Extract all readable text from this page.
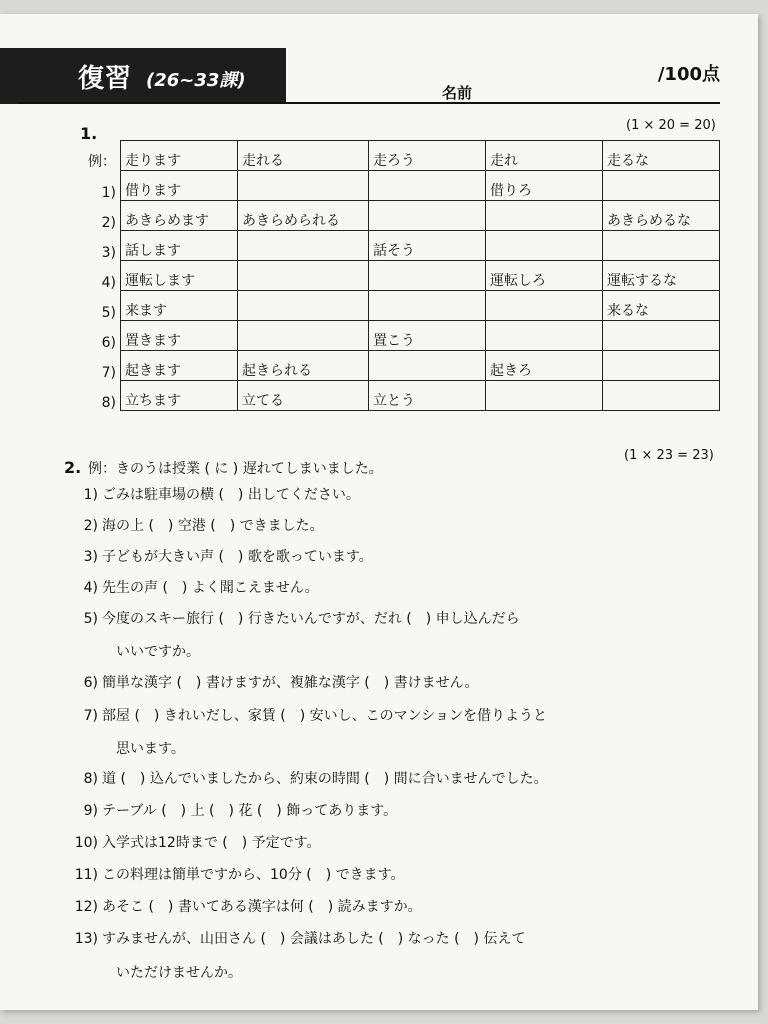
復習 (26~33課)	/100点
名前
1.	(1 × 20 = 20)
例：	走ります	走れる	走ろう	走れ	走るな
1)	借ります			借りろ	
2)	あきらめます	あきらめられる			あきらめるな
3)	話します		話そう		
4)	運転します			運転しろ	運転するな
5)	来ます				来るな
6)	置きます		置こう		
7)	起きます	起きられる		起きろ	
8)	立ちます	立てる	立とう		
2.
(1 × 23 = 23)
例：きのうは授業 ( に ) 遅れてしまいました。
1) ごみは駐車場の横 (　) 出してください。
2) 海の上 (　) 空港 (　) できました。
3) 子どもが大きい声 (　) 歌を歌っています。
4) 先生の声 (　) よく聞こえません。
5) 今度のスキー旅行 (　) 行きたいんですが、だれ (　) 申し込んだら
いいですか。
6) 簡単な漢字 (　) 書けますが、複雑な漢字 (　) 書けません。
7) 部屋 (　) きれいだし、家賃 (　) 安いし、このマンションを借りようと
思います。
8) 道 (　) 込んでいましたから、約束の時間 (　) 間に合いませんでした。
9) テーブル (　) 上 (　) 花 (　) 飾ってあります。
10) 入学式は12時まで (　) 予定です。
11) この料理は簡単ですから、10分 (　) できます。
12) あそこ (　) 書いてある漢字は何 (　) 読みますか。
13) すみませんが、山田さん (　) 会議はあした (　) なった (　) 伝えて
いただけませんか。
